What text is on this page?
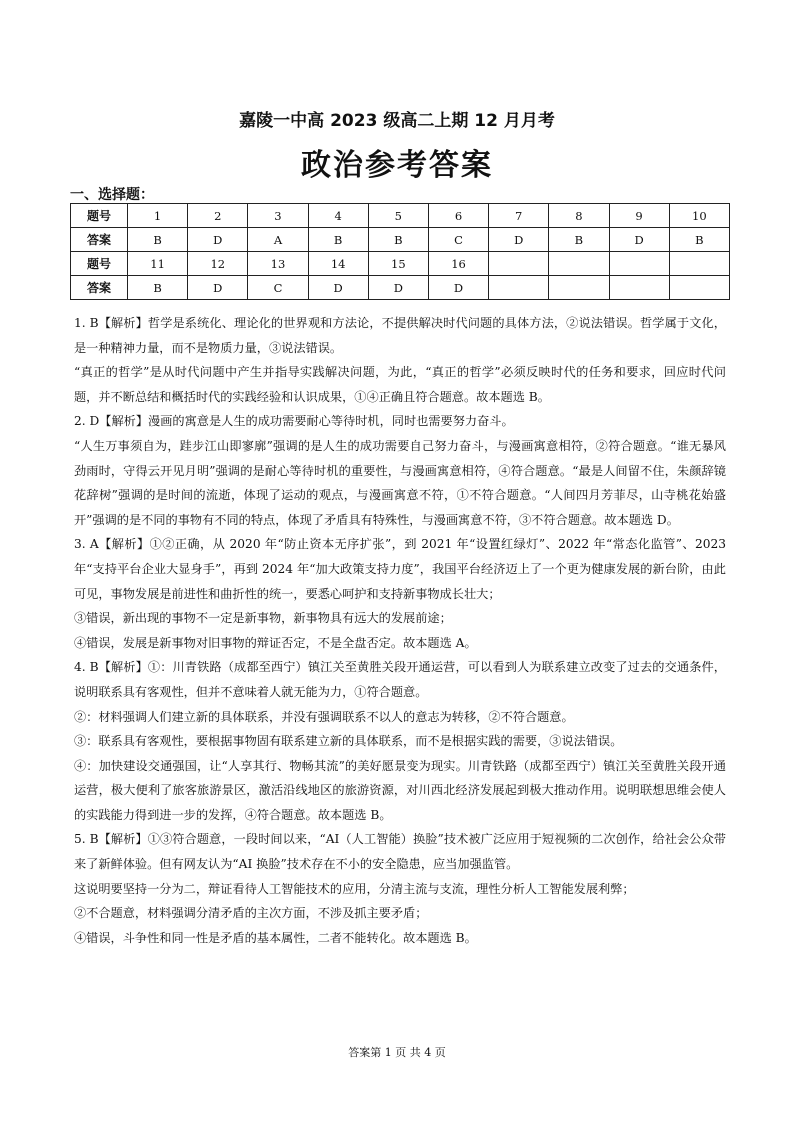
嘉陵一中高 2023 级高二上期 12 月月考
政治参考答案
一、选择题：
题号	1	2	3	4	5	6	7	8	9	10
答案	B	D	A	B	B	C	D	B	D	B
题号	11	12	13	14	15	16				
答案	B	D	C	D	D	D				

1. B【解析】哲学是系统化、理论化的世界观和方法论，不提供解决时代问题的具体方法，②说法错误。哲学属于文化，是一种精神力量，而不是物质力量，③说法错误。

“真正的哲学”是从时代问题中产生并指导实践解决问题，为此，“真正的哲学”必须反映时代的任务和要求，回应时代问题，并不断总结和概括时代的实践经验和认识成果，①④正确且符合题意。故本题选 B。

2. D【解析】漫画的寓意是人生的成功需要耐心等待时机，同时也需要努力奋斗。

“人生万事须自为，跬步江山即寥廓”强调的是人生的成功需要自己努力奋斗，与漫画寓意相符，②符合题意。“谁无暴风劲雨时，守得云开见月明”强调的是耐心等待时机的重要性，与漫画寓意相符，④符合题意。“最是人间留不住，朱颜辞镜花辞树”强调的是时间的流逝，体现了运动的观点，与漫画寓意不符，①不符合题意。“人间四月芳菲尽，山寺桃花始盛开”强调的是不同的事物有不同的特点，体现了矛盾具有特殊性，与漫画寓意不符，③不符合题意。故本题选 D。

3. A【解析】①②正确，从 2020 年“防止资本无序扩张”，到 2021 年“设置红绿灯”、2022 年“常态化监管”、2023 年“支持平台企业大显身手”，再到 2024 年“加大政策支持力度”，我国平台经济迈上了一个更为健康发展的新台阶，由此可见，事物发展是前进性和曲折性的统一，要悉心呵护和支持新事物成长壮大；

③错误，新出现的事物不一定是新事物，新事物具有远大的发展前途；

④错误，发展是新事物对旧事物的辩证否定，不是全盘否定。故本题选 A。

4. B【解析】①：川青铁路（成都至西宁）镇江关至黄胜关段开通运营，可以看到人为联系建立改变了过去的交通条件，说明联系具有客观性，但并不意味着人就无能为力，①符合题意。

②：材料强调人们建立新的具体联系，并没有强调联系不以人的意志为转移，②不符合题意。

③：联系具有客观性，要根据事物固有联系建立新的具体联系，而不是根据实践的需要，③说法错误。

④：加快建设交通强国，让“人享其行、物畅其流”的美好愿景变为现实。川青铁路（成都至西宁）镇江关至黄胜关段开通运营，极大便利了旅客旅游景区，激活沿线地区的旅游资源，对川西北经济发展起到极大推动作用。说明联想思维会使人的实践能力得到进一步的发挥，④符合题意。故本题选 B。

5. B【解析】①③符合题意，一段时间以来，“AI（人工智能）换脸”技术被广泛应用于短视频的二次创作，给社会公众带来了新鲜体验。但有网友认为“AI 换脸”技术存在不小的安全隐患，应当加强监管。

这说明要坚持一分为二，辩证看待人工智能技术的应用，分清主流与支流，理性分析人工智能发展利弊；

②不合题意，材料强调分清矛盾的主次方面，不涉及抓主要矛盾；

④错误，斗争性和同一性是矛盾的基本属性，二者不能转化。故本题选 B。

答案第 1 页 共 4 页
